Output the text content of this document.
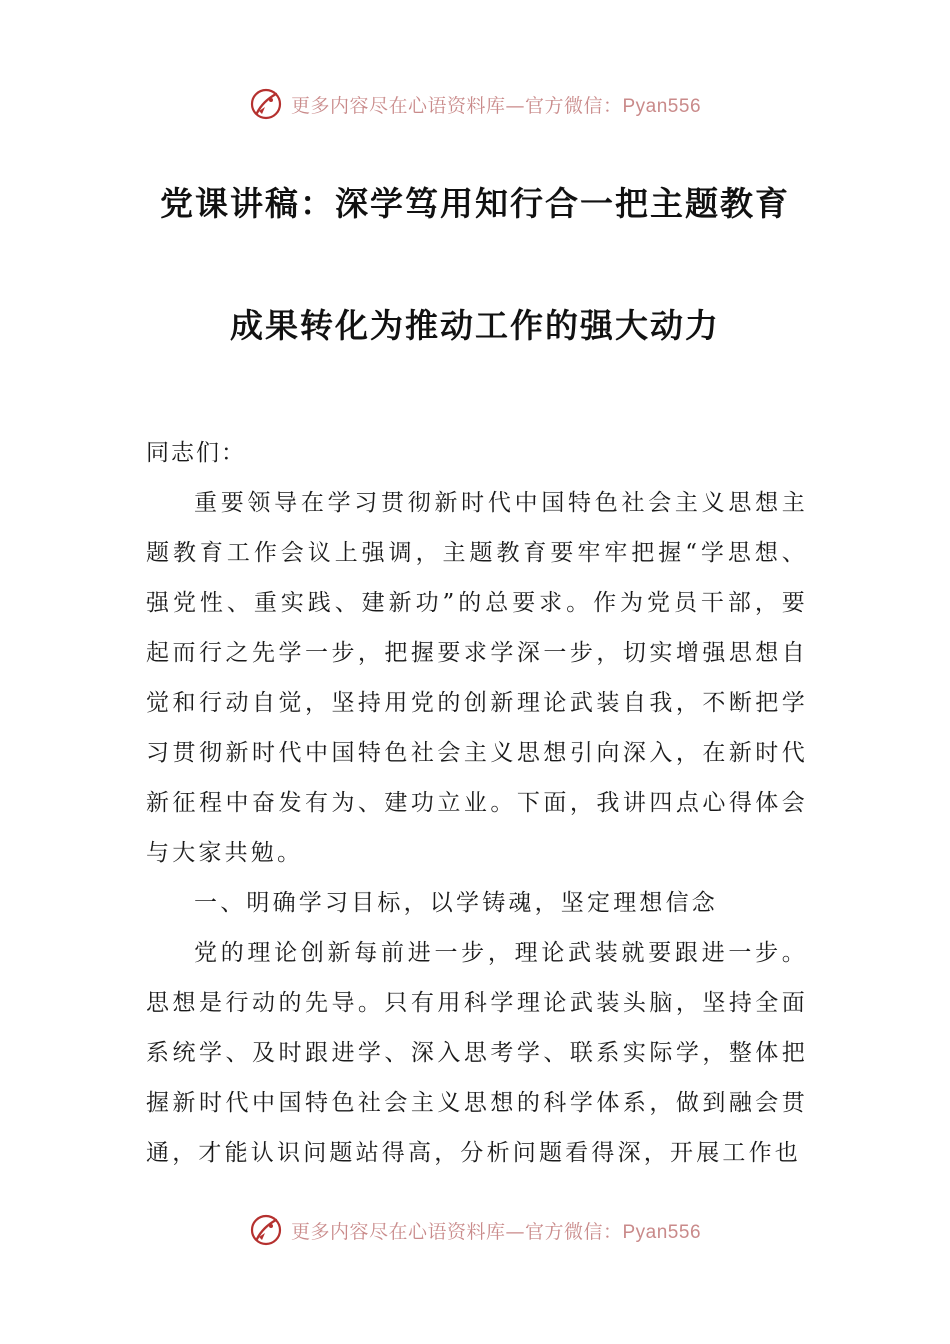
更多内容尽在心语资料库—官方微信：Pyan556
党课讲稿：深学笃用知行合一把主题教育
成果转化为推动工作的强大动力

同志们：

重要领导在学习贯彻新时代中国特色社会主义思想主题教育工作会议上强调，主题教育要牢牢把握“学思想、强党性、重实践、建新功”的总要求。作为党员干部，要起而行之先学一步，把握要求学深一步，切实增强思想自觉和行动自觉，坚持用党的创新理论武装自我，不断把学习贯彻新时代中国特色社会主义思想引向深入，在新时代新征程中奋发有为、建功立业。下面，我讲四点心得体会与大家共勉。

一、明确学习目标，以学铸魂，坚定理想信念

党的理论创新每前进一步，理论武装就要跟进一步。思想是行动的先导。只有用科学理论武装头脑，坚持全面系统学、及时跟进学、深入思考学、联系实际学，整体把握新时代中国特色社会主义思想的科学体系，做到融会贯通，才能认识问题站得高，分析问题看得深，开展工作也

更多内容尽在心语资料库—官方微信：Pyan556
